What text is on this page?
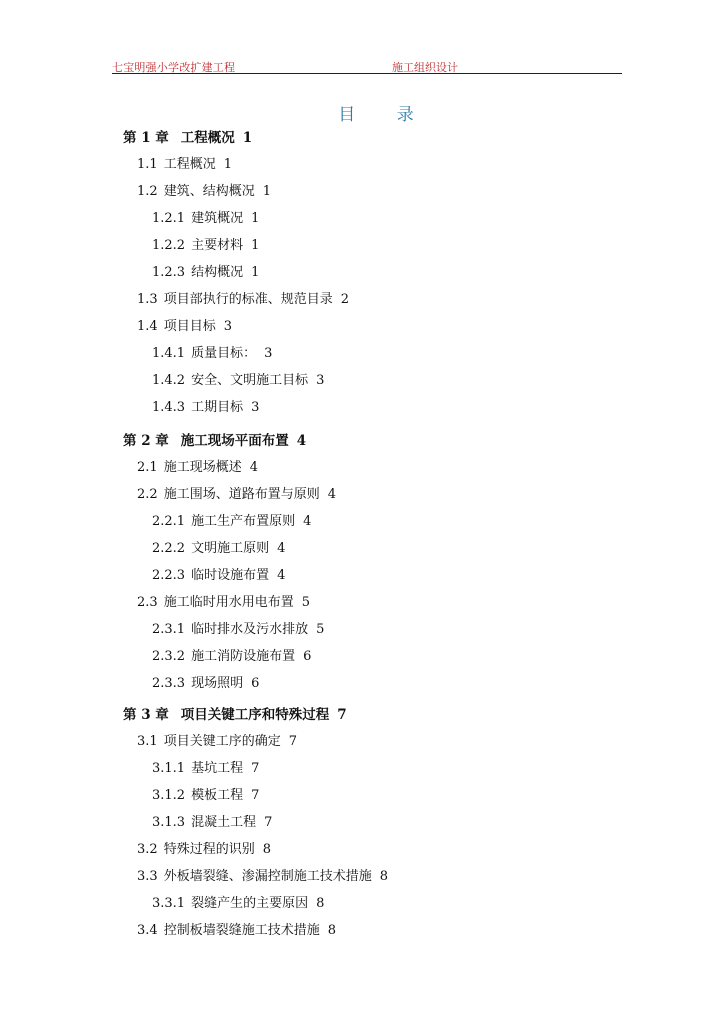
七宝明强小学改扩建工程	施工组织设计
目 录
第 1 章 工程概况 1
1.1 工程概况 1
1.2 建筑、结构概况 1
1.2.1 建筑概况 1
1.2.2 主要材料 1
1.2.3 结构概况 1
1.3 项目部执行的标准、规范目录 2
1.4 项目目标 3
1.4.1 质量目标： 3
1.4.2 安全、文明施工目标 3
1.4.3 工期目标 3
第 2 章 施工现场平面布置 4
2.1 施工现场概述 4
2.2 施工围场、道路布置与原则 4
2.2.1 施工生产布置原则 4
2.2.2 文明施工原则 4
2.2.3 临时设施布置 4
2.3 施工临时用水用电布置 5
2.3.1 临时排水及污水排放 5
2.3.2 施工消防设施布置 6
2.3.3 现场照明 6
第 3 章 项目关键工序和特殊过程 7
3.1 项目关键工序的确定 7
3.1.1 基坑工程 7
3.1.2 模板工程 7
3.1.3 混凝土工程 7
3.2 特殊过程的识别 8
3.3 外板墙裂缝、渗漏控制施工技术措施 8
3.3.1 裂缝产生的主要原因 8
3.4 控制板墙裂缝施工技术措施 8
